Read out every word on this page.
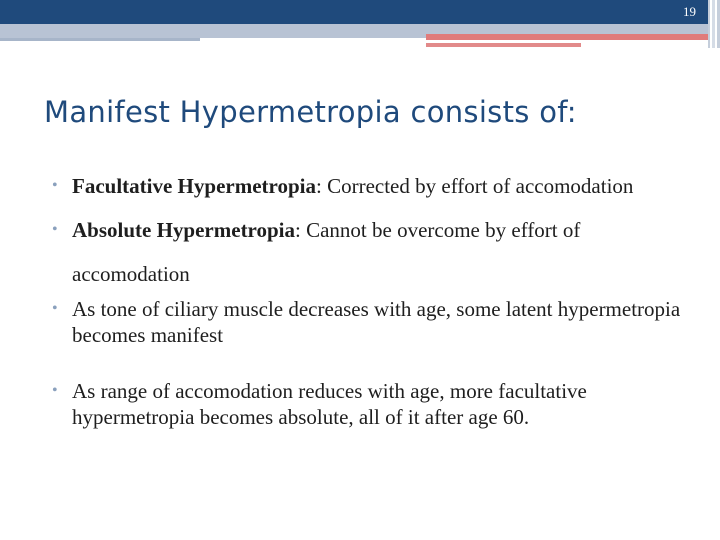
19
Manifest Hypermetropia consists of:
• Facultative Hypermetropia: Corrected by effort of accomodation
• Absolute Hypermetropia: Cannot be overcome by effort of accomodation
• As tone of ciliary muscle decreases with age, some latent hypermetropia becomes manifest
• As range of accomodation reduces with age, more facultative hypermetropia becomes absolute, all of it after age 60.
